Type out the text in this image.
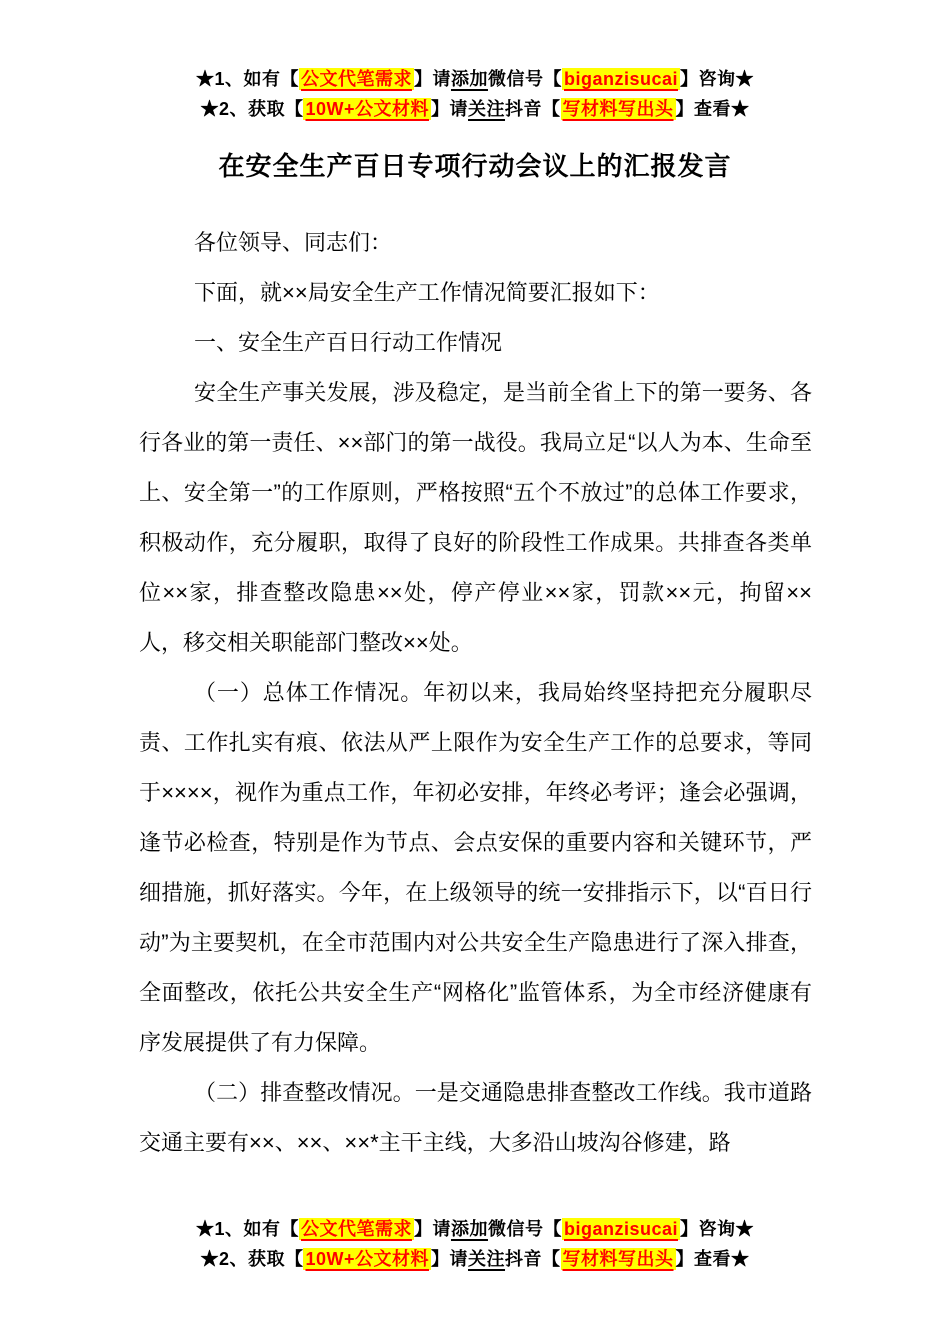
★1、如有【 公文代笔需求 】请添加微信号【 biganzisucai 】咨询★
★2、获取【 10W+公文材料 】请关注抖音【 写材料写出头 】查看★
在安全生产百日专项行动会议上的汇报发言

各位领导、同志们：

下面，就××局安全生产工作情况简要汇报如下：

一、安全生产百日行动工作情况

安全生产事关发展，涉及稳定，是当前全省上下的第一要务、各行各业的第一责任、××部门的第一战役。我局立足“以人为本、生命至上、安全第一”的工作原则，严格按照“五个不放过”的总体工作要求，积极动作，充分履职，取得了良好的阶段性工作成果。共排查各类单位××家，排查整改隐患××处，停产停业××家，罚款××元，拘留××人，移交相关职能部门整改××处。

（一）总体工作情况。年初以来，我局始终坚持把充分履职尽责、工作扎实有痕、依法从严上限作为安全生产工作的总要求，等同于××××，视作为重点工作，年初必安排，年终必考评；逢会必强调，逢节必检查，特别是作为节点、会点安保的重要内容和关键环节，严细措施，抓好落实。今年，在上级领导的统一安排指示下，以“百日行动”为主要契机，在全市范围内对公共安全生产隐患进行了深入排查，全面整改，依托公共安全生产“网格化”监管体系，为全市经济健康有序发展提供了有力保障。

（二）排查整改情况。一是交通隐患排查整改工作线。我市道路交通主要有××、××、××*主干主线，大多沿山坡沟谷修建，路

★1、如有【 公文代笔需求 】请添加微信号【 biganzisucai 】咨询★
★2、获取【 10W+公文材料 】请关注抖音【 写材料写出头 】查看★
